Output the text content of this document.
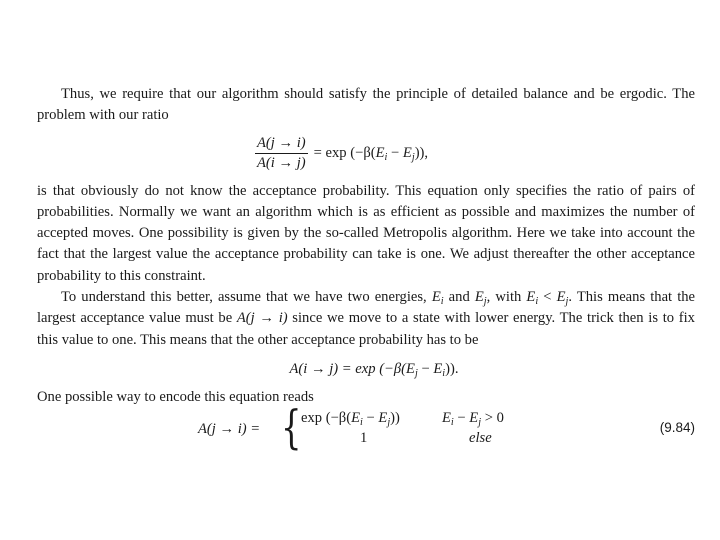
Thus, we require that our algorithm should satisfy the principle of detailed balance and be ergodic. The problem with our ratio

$\frac{A(j \to i)}{A(i \to j)} = \exp (-\beta(E_i - E_j))$,

is that obviously do not know the acceptance probability. This equation only specifies the ratio of pairs of probabilities. Normally we want an algorithm which is as efficient as possible and maximizes the number of accepted moves. One possibility is given by the so-called Metropolis algorithm. Here we take into account the fact that the largest value the acceptance probability can take is one. We adjust thereafter the other acceptance probability to this constraint.

To understand this better, assume that we have two energies, $E_i$ and $E_j$, with $E_i < E_j$. This means that the largest acceptance value must be A(j → i) since we move to a state with lower energy. The trick then is to fix this value to one. This means that the other acceptance probability has to be

$A(i \to j) = \exp (-\beta(E_j - E_i))$.

One possible way to encode this equation reads

A(j → i) = { $\exp (-\beta(E_i - E_j))$	$E_i - E_j > 0$
1	else
(9.84)
